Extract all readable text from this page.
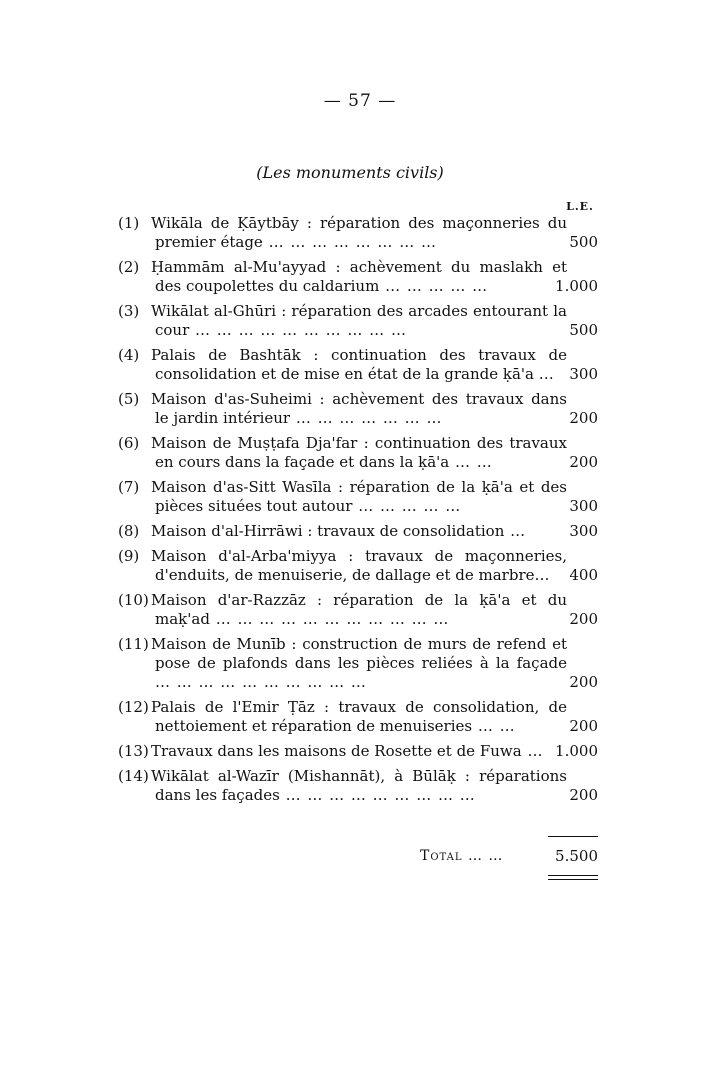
— 57 —
(Les monuments civils)
L.E.
(1) Wikāla de Ḳāytbāy : réparation des maçonneries du premier étage … … … … … … … …	500
(2) Ḥammām al-Mu'ayyad : achèvement du maslakh et des coupolettes du caldarium … … … … …	1.000
(3) Wikālat al-Ghūri : réparation des arcades entourant la cour … … … … … … … … … …	500
(4) Palais de Bashtāk : continuation des travaux de consolidation et de mise en état de la grande ḳā'a …	300
(5) Maison d'as-Suheimi : achèvement des travaux dans le jardin intérieur … … … … … … …	200
(6) Maison de Muṣṭafa Dja'far : continuation des travaux en cours dans la façade et dans la ḳā'a … …	200
(7) Maison d'as-Sitt Wasīla : réparation de la ḳā'a et des pièces situées tout autour … … … … …	300
(8) Maison d'al-Hirrāwi : travaux de consolidation …	300
(9) Maison d'al-Arba'miyya : travaux de maçonneries, d'enduits, de menuiserie, de dallage et de marbre…	400
(10) Maison d'ar-Razzāz : réparation de la ḳā'a et du maḳ'ad … … … … … … … … … … …	200
(11) Maison de Munīb : construction de murs de refend et pose de plafonds dans les pièces reliées à la façade … … … … … … … … … …	200
(12) Palais de l'Emir Ṭāz : travaux de consolidation, de nettoiement et réparation de menuiseries … …	200
(13) Travaux dans les maisons de Rosette et de Fuwa … 1.000
(14) Wikālat al-Wazīr (Mishannāt), à Būlāḳ : réparations dans les façades … … … … … … … … …	200
Total … …	5.500
